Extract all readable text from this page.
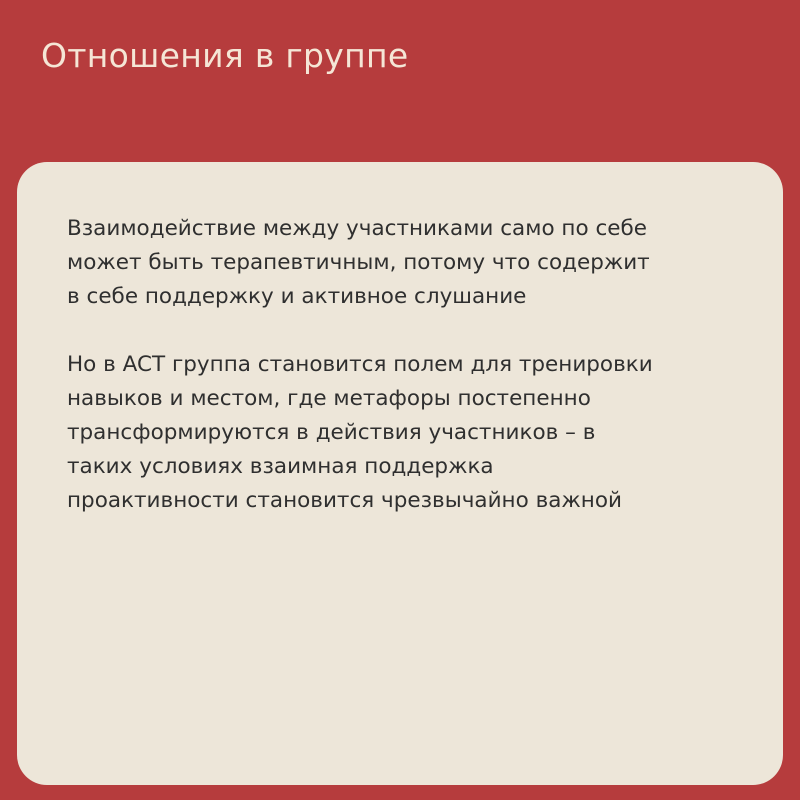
Отношения в группе

Взаимодействие между участниками само по себе
может быть терапевтичным, потому что содержит
в себе поддержку и активное слушание

Но в ACT группа становится полем для тренировки
навыков и местом, где метафоры постепенно
трансформируются в действия участников – в
таких условиях взаимная поддержка
проактивности становится чрезвычайно важной
